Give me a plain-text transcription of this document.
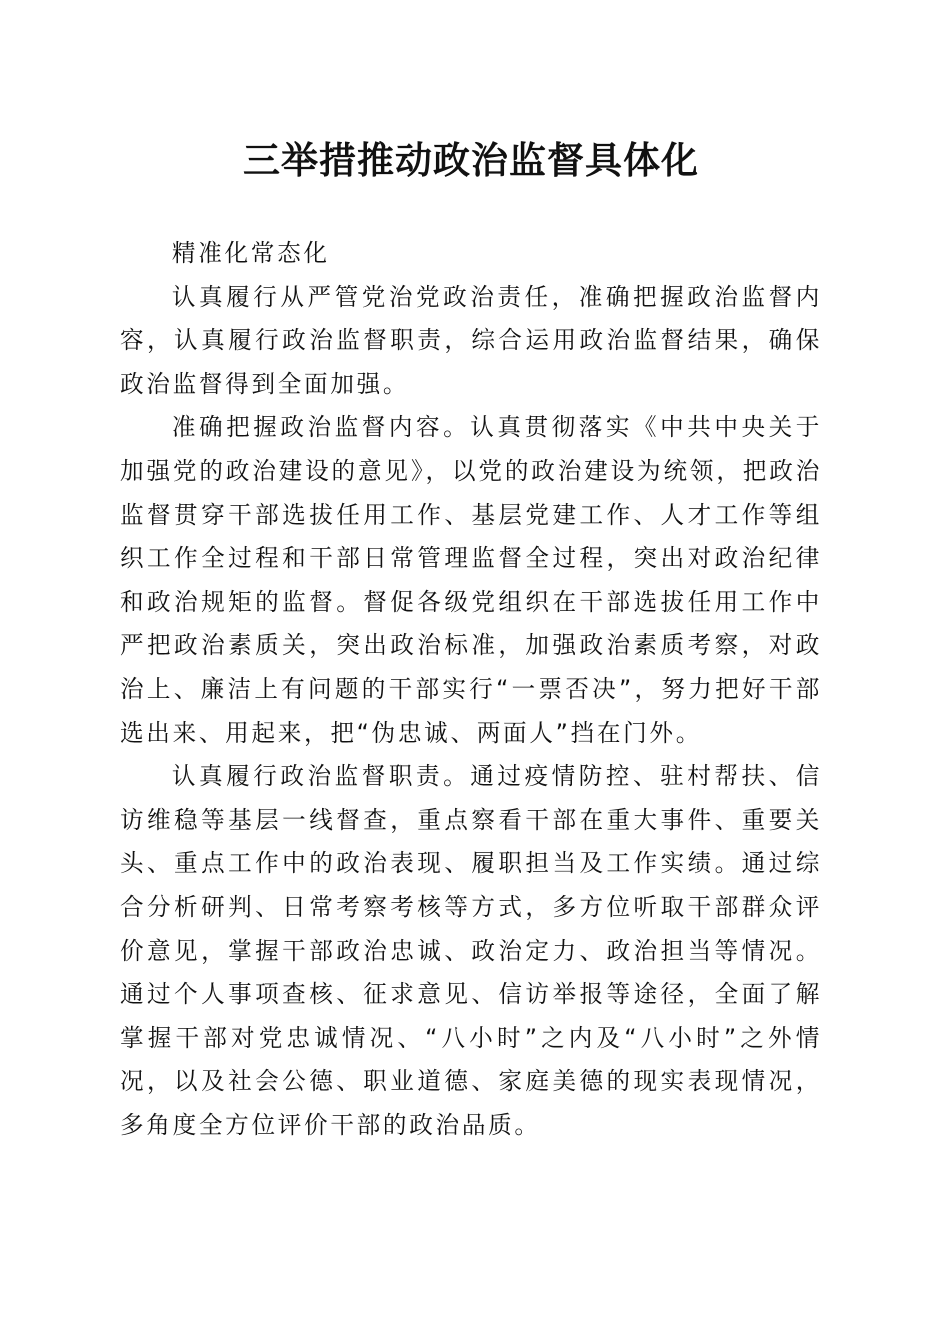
三举措推动政治监督具体化

精准化常态化

认真履行从严管党治党政治责任，准确把握政治监督内容，认真履行政治监督职责，综合运用政治监督结果，确保政治监督得到全面加强。

准确把握政治监督内容。认真贯彻落实《中共中央关于加强党的政治建设的意见》，以党的政治建设为统领，把政治监督贯穿干部选拔任用工作、基层党建工作、人才工作等组织工作全过程和干部日常管理监督全过程，突出对政治纪律和政治规矩的监督。督促各级党组织在干部选拔任用工作中严把政治素质关，突出政治标准，加强政治素质考察，对政治上、廉洁上有问题的干部实行“一票否决”，努力把好干部选出来、用起来，把“伪忠诚、两面人”挡在门外。

认真履行政治监督职责。通过疫情防控、驻村帮扶、信访维稳等基层一线督查，重点察看干部在重大事件、重要关头、重点工作中的政治表现、履职担当及工作实绩。通过综合分析研判、日常考察考核等方式，多方位听取干部群众评价意见，掌握干部政治忠诚、政治定力、政治担当等情况。通过个人事项查核、征求意见、信访举报等途径，全面了解掌握干部对党忠诚情况、“八小时”之内及“八小时”之外情况，以及社会公德、职业道德、家庭美德的现实表现情况，多角度全方位评价干部的政治品质。
